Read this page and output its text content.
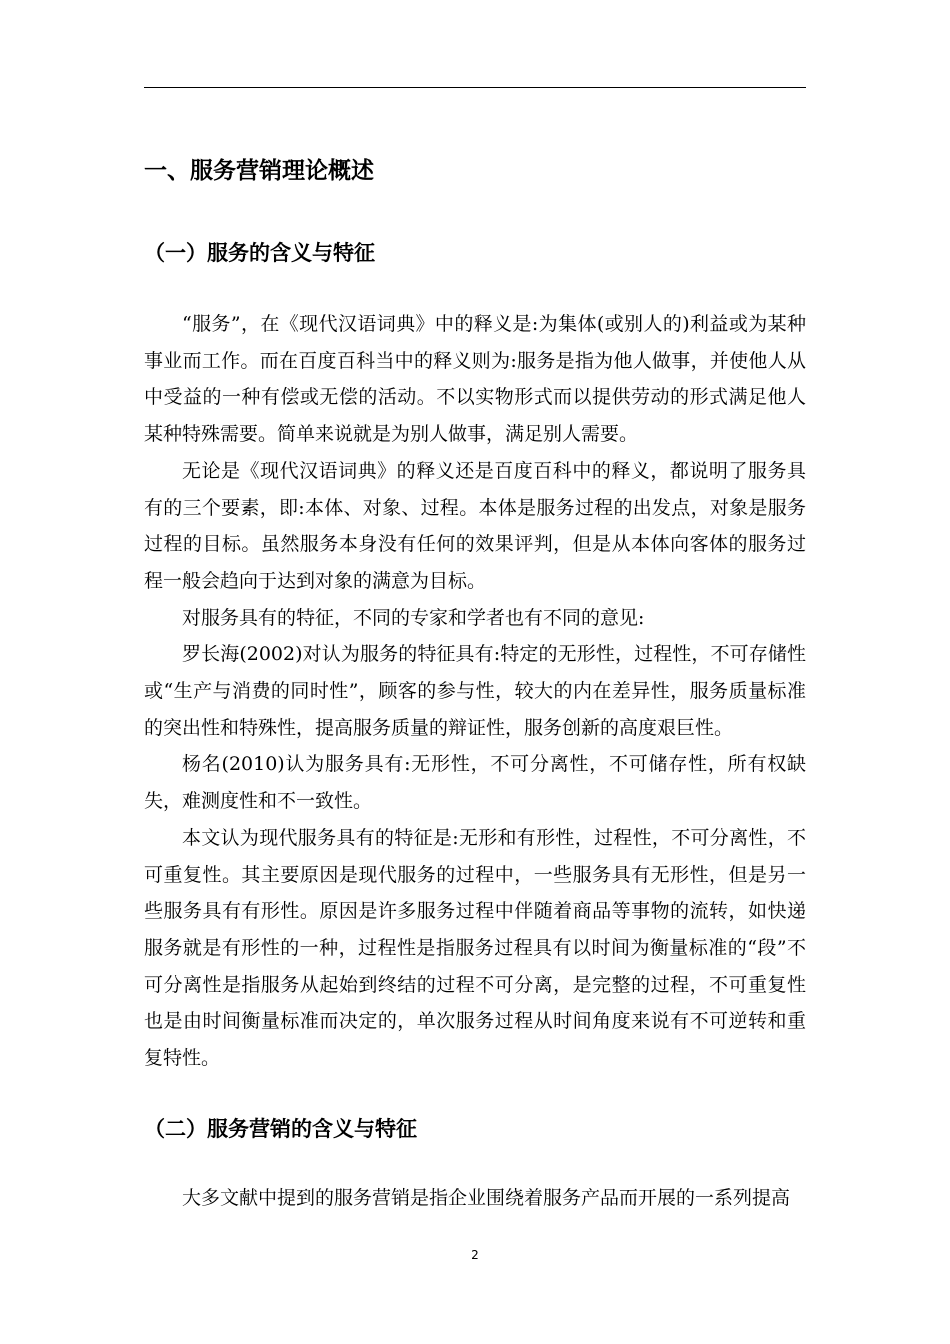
一、服务营销理论概述
（一）服务的含义与特征

“服务”，在《现代汉语词典》中的释义是:为集体(或别人的)利益或为某种事业而工作。而在百度百科当中的释义则为:服务是指为他人做事，并使他人从中受益的一种有偿或无偿的活动。不以实物形式而以提供劳动的形式满足他人某种特殊需要。简单来说就是为别人做事，满足别人需要。

无论是《现代汉语词典》的释义还是百度百科中的释义，都说明了服务具有的三个要素，即:本体、对象、过程。本体是服务过程的出发点，对象是服务过程的目标。虽然服务本身没有任何的效果评判，但是从本体向客体的服务过程一般会趋向于达到对象的满意为目标。

对服务具有的特征，不同的专家和学者也有不同的意见:

罗长海(2002)对认为服务的特征具有:特定的无形性，过程性，不可存储性或“生产与消费的同时性”，顾客的参与性，较大的内在差异性，服务质量标准的突出性和特殊性，提高服务质量的辩证性，服务创新的高度艰巨性。

杨名(2010)认为服务具有:无形性，不可分离性，不可储存性，所有权缺失，难测度性和不一致性。

本文认为现代服务具有的特征是:无形和有形性，过程性，不可分离性，不可重复性。其主要原因是现代服务的过程中，一些服务具有无形性，但是另一些服务具有有形性。原因是许多服务过程中伴随着商品等事物的流转，如快递服务就是有形性的一种，过程性是指服务过程具有以时间为衡量标准的“段”不可分离性是指服务从起始到终结的过程不可分离，是完整的过程，不可重复性也是由时间衡量标准而决定的，单次服务过程从时间角度来说有不可逆转和重复特性。

（二）服务营销的含义与特征

大多文献中提到的服务营销是指企业围绕着服务产品而开展的一系列提高

2
